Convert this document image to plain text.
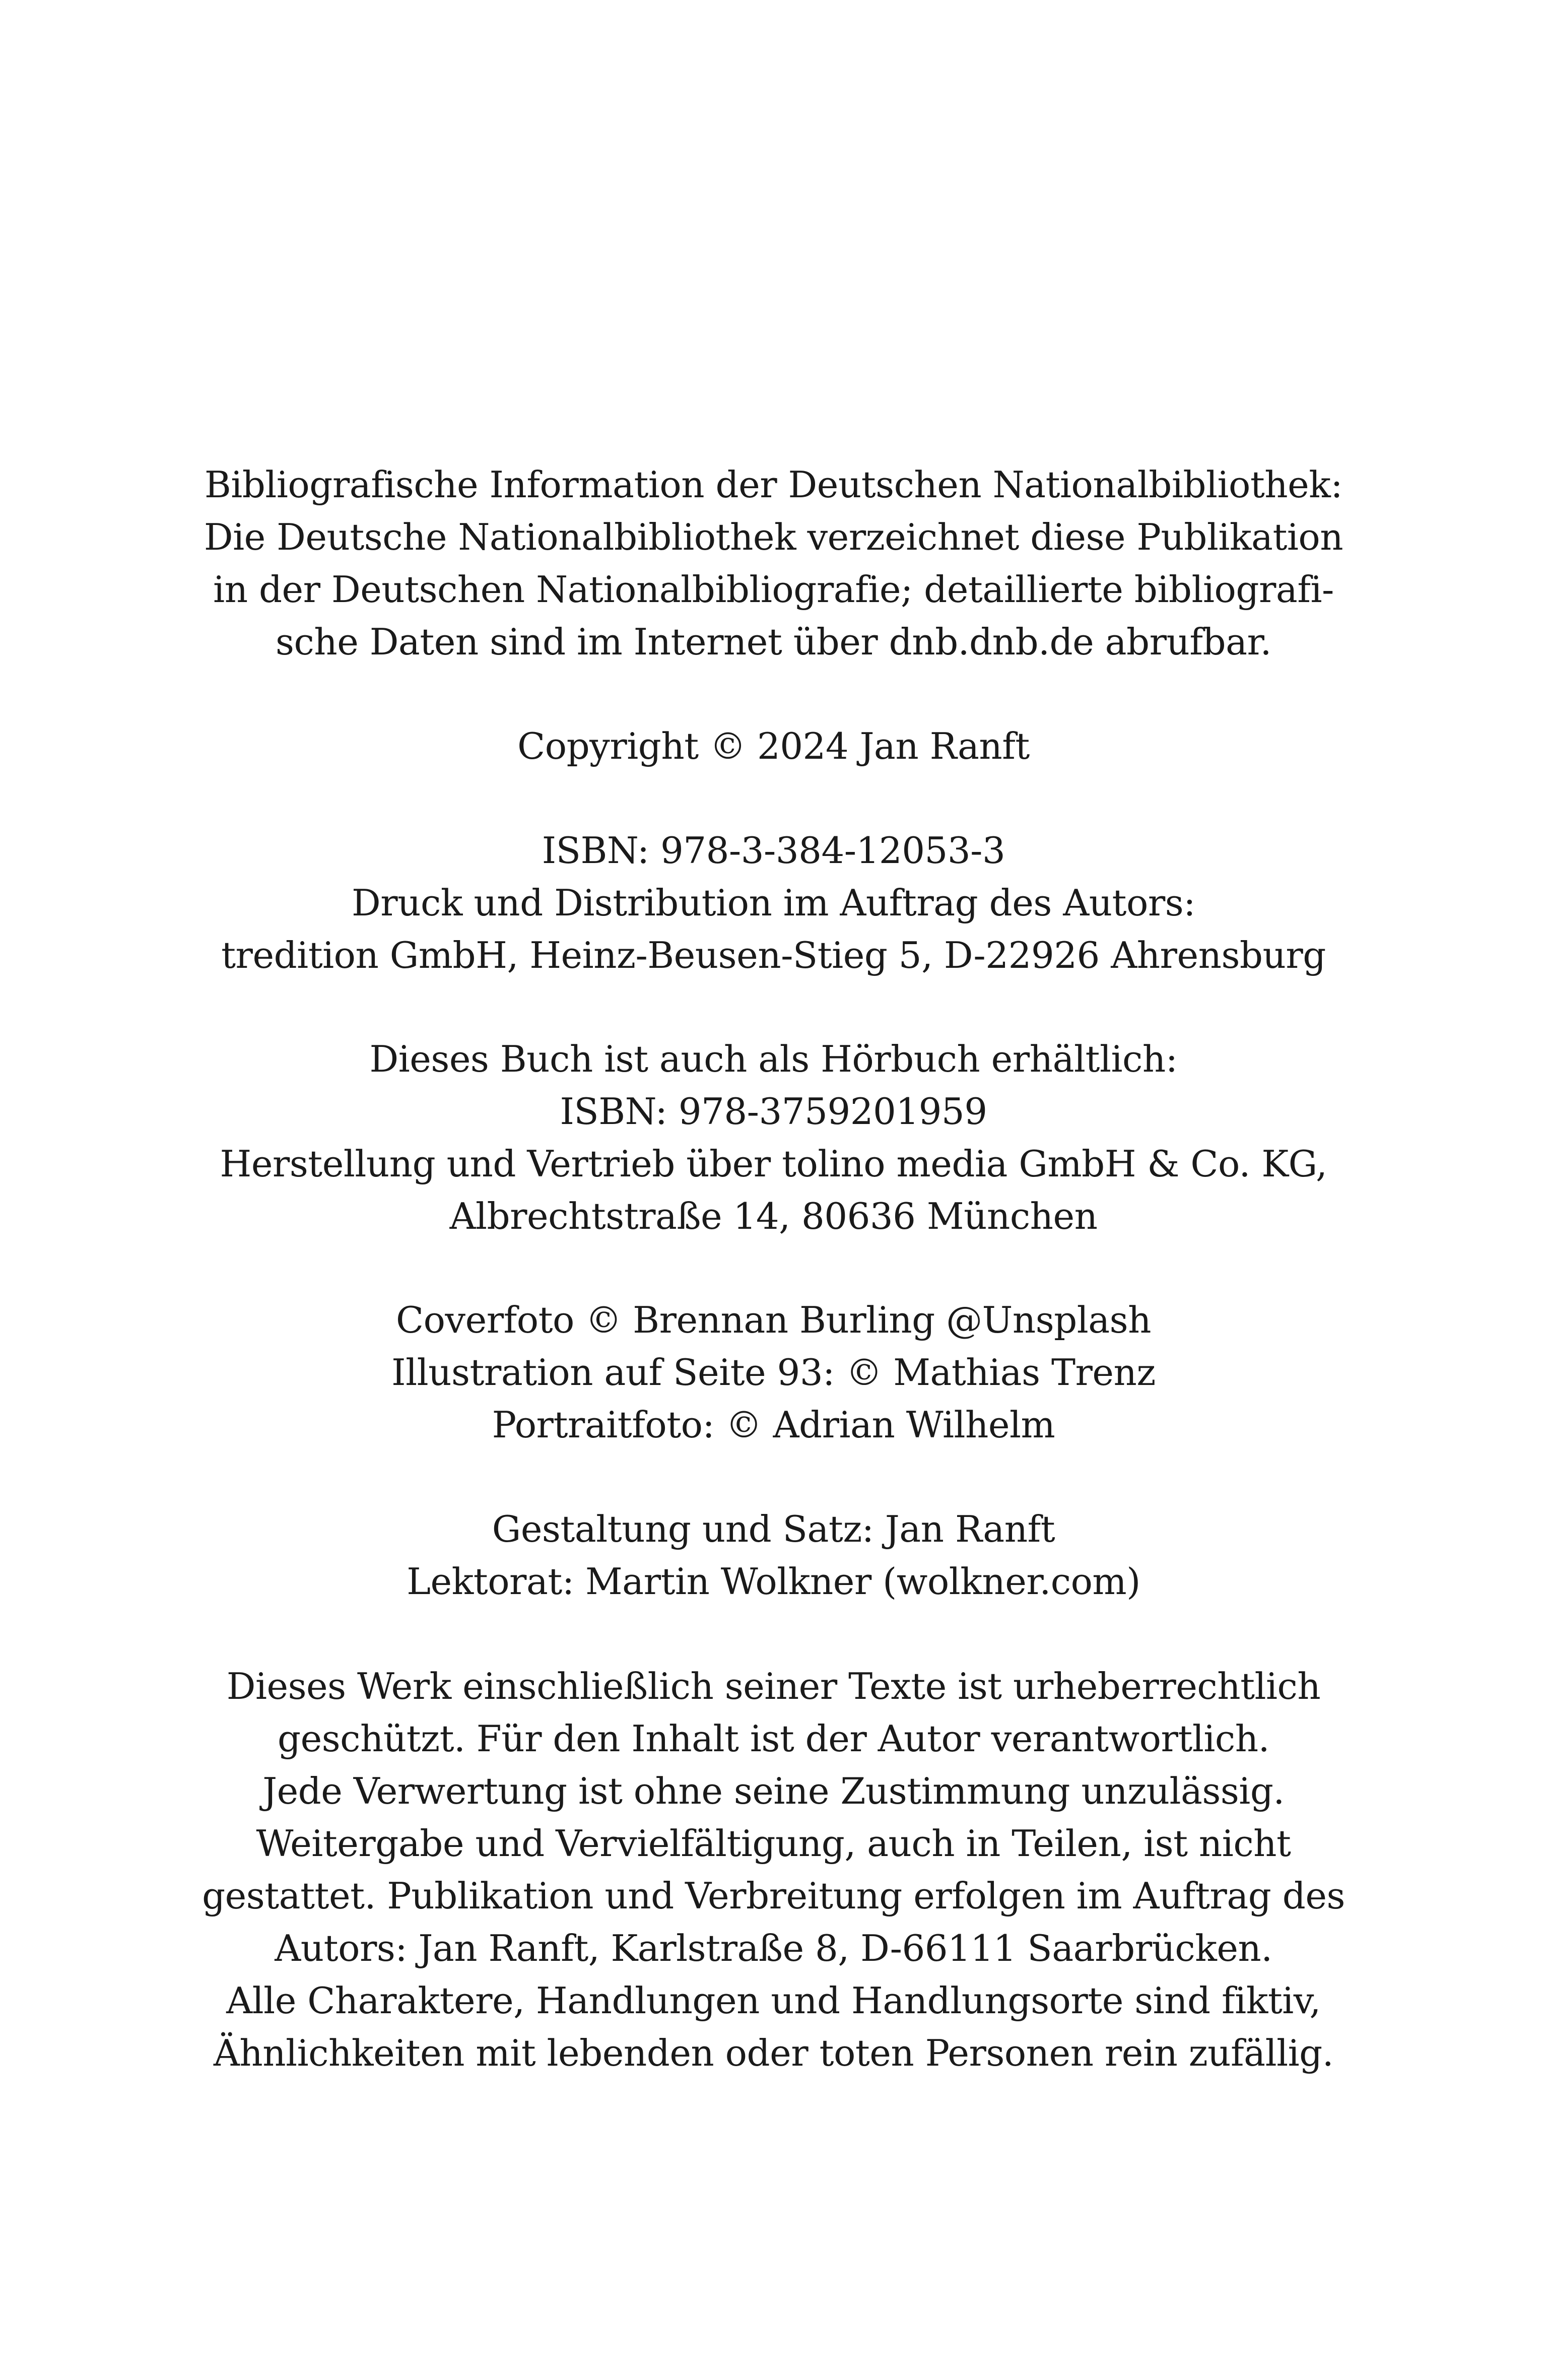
Bibliografische Information der Deutschen Nationalbibliothek:
Die Deutsche Nationalbibliothek verzeichnet diese Publikation
in der Deutschen Nationalbibliografie; detaillierte bibliografi-
sche Daten sind im Internet über dnb.dnb.de abrufbar.
Copyright © 2024 Jan Ranft
ISBN: 978-3-384-12053-3
Druck und Distribution im Auftrag des Autors:
tredition GmbH, Heinz-Beusen-Stieg 5, D-22926 Ahrensburg
Dieses Buch ist auch als Hörbuch erhältlich:
ISBN: 978-3759201959
Herstellung und Vertrieb über tolino media GmbH & Co. KG,
Albrechtstraße 14, 80636 München
Coverfoto © Brennan Burling @Unsplash
Illustration auf Seite 93: © Mathias Trenz
Portraitfoto: © Adrian Wilhelm
Gestaltung und Satz: Jan Ranft
Lektorat: Martin Wolkner (wolkner.com)
Dieses Werk einschließlich seiner Texte ist urheberrechtlich
geschützt. Für den Inhalt ist der Autor verantwortlich.
Jede Verwertung ist ohne seine Zustimmung unzulässig.
Weitergabe und Vervielfältigung, auch in Teilen, ist nicht
gestattet. Publikation und Verbreitung erfolgen im Auftrag des
Autors: Jan Ranft, Karlstraße 8, D-66111 Saarbrücken.
Alle Charaktere, Handlungen und Handlungsorte sind fiktiv,
Ähnlichkeiten mit lebenden oder toten Personen rein zufällig.
